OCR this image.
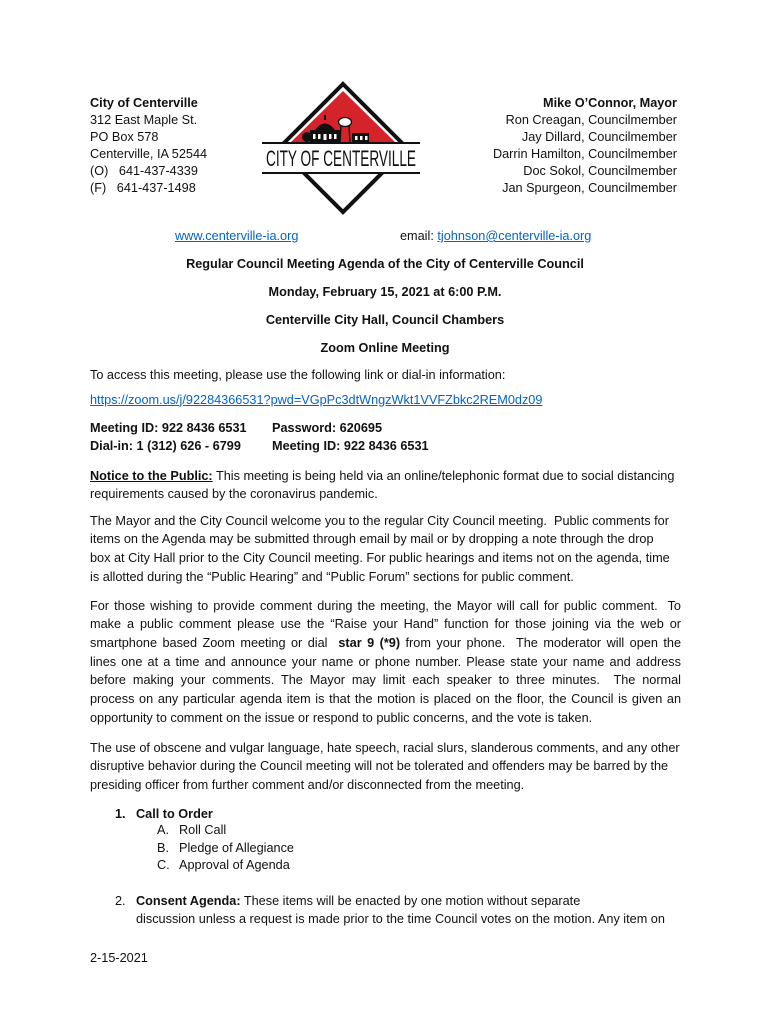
City of Centerville
312 East Maple St.
PO Box 578
Centerville, IA 52544
(O)   641-437-4339
(F)   641-437-1498
CITY OF CENTERVILLE
Mike O’Connor, Mayor
Ron Creagan, Councilmember
Jay Dillard, Councilmember
Darrin Hamilton, Councilmember
Doc Sokol, Councilmember
Jan Spurgeon, Councilmember
www.centerville-ia.org	email: tjohnson@centerville-ia.org
Regular Council Meeting Agenda of the City of Centerville Council
Monday, February 15, 2021 at 6:00 P.M.
Centerville City Hall, Council Chambers
Zoom Online Meeting
To access this meeting, please use the following link or dial-in information:
https://zoom.us/j/92284366531?pwd=VGpPc3dtWngzWkt1VVFZbkc2REM0dz09
Meeting ID: 922 8436 6531
Dial-in: 1 (312) 626 - 6799
Password: 620695
Meeting ID: 922 8436 6531
Notice to the Public: This meeting is being held via an online/telephonic format due to social distancing
requirements caused by the coronavirus pandemic.
The Mayor and the City Council welcome you to the regular City Council meeting.  Public comments for
items on the Agenda may be submitted through email by mail or by dropping a note through the drop
box at City Hall prior to the City Council meeting. For public hearings and items not on the agenda, time
is allotted during the “Public Hearing” and “Public Forum” sections for public comment.
For those wishing to provide comment during the meeting, the Mayor will call for public comment.  To
make a public comment please use the “Raise your Hand” function for those joining via the web or
smartphone based Zoom meeting or dial  star 9 (*9) from your phone.  The moderator will open the
lines one at a time and announce your name or phone number. Please state your name and address
before making your comments. The Mayor may limit each speaker to three minutes.  The normal
process on any particular agenda item is that the motion is placed on the floor, the Council is given an
opportunity to comment on the issue or respond to public concerns, and the vote is taken.
The use of obscene and vulgar language, hate speech, racial slurs, slanderous comments, and any other
disruptive behavior during the Council meeting will not be tolerated and offenders may be barred by the
presiding officer from further comment and/or disconnected from the meeting.
1. Call to Order
A.
B.
C.
Roll Call
Pledge of Allegiance
Approval of Agenda
2. Consent Agenda: These items will be enacted by one motion without separate
discussion unless a request is made prior to the time Council votes on the motion. Any item on
2-15-2021
